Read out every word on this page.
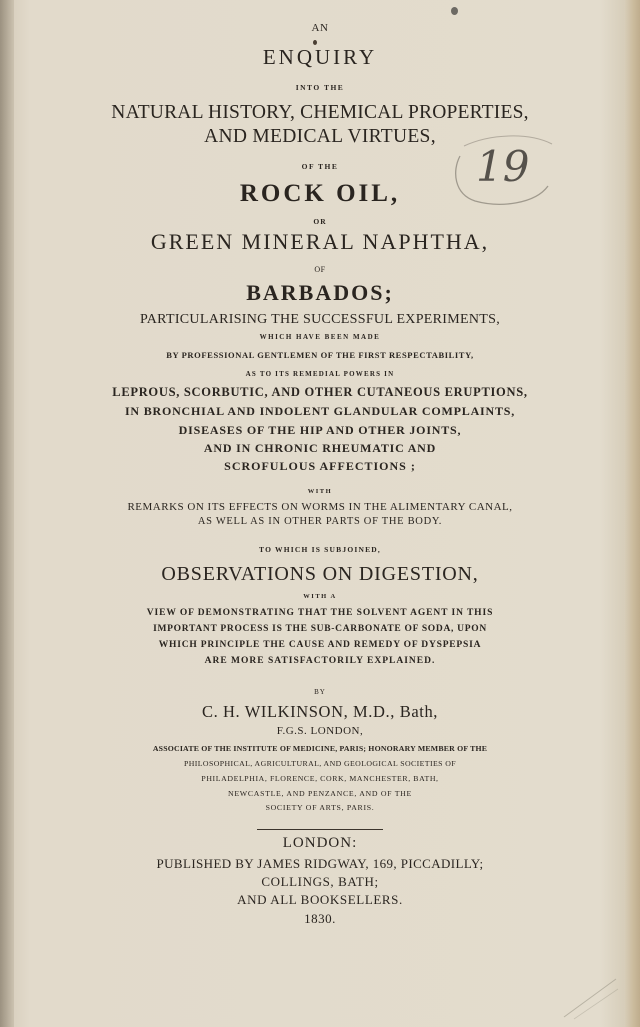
AN
ENQUIRY
INTO THE
NATURAL HISTORY, CHEMICAL PROPERTIES,
AND MEDICAL VIRTUES,
OF THE
ROCK OIL,
OR
GREEN MINERAL NAPHTHA,
OF
BARBADOS;
PARTICULARISING THE SUCCESSFUL EXPERIMENTS,
WHICH HAVE BEEN MADE
BY PROFESSIONAL GENTLEMEN OF THE FIRST RESPECTABILITY,
AS TO ITS REMEDIAL POWERS IN
LEPROUS, SCORBUTIC, AND OTHER CUTANEOUS ERUPTIONS,
IN BRONCHIAL AND INDOLENT GLANDULAR COMPLAINTS,
DISEASES OF THE HIP AND OTHER JOINTS,
AND IN CHRONIC RHEUMATIC AND
SCROFULOUS AFFECTIONS ;
WITH
REMARKS ON ITS EFFECTS ON WORMS IN THE ALIMENTARY CANAL,
AS WELL AS IN OTHER PARTS OF THE BODY.
TO WHICH IS SUBJOINED,
OBSERVATIONS ON DIGESTION,
WITH A
VIEW OF DEMONSTRATING THAT THE SOLVENT AGENT IN THIS
IMPORTANT PROCESS IS THE SUB-CARBONATE OF SODA, UPON
WHICH PRINCIPLE THE CAUSE AND REMEDY OF DYSPEPSIA
ARE MORE SATISFACTORILY EXPLAINED.
BY
C. H. WILKINSON, M.D., Bath,
F.G.S. LONDON,
ASSOCIATE OF THE INSTITUTE OF MEDICINE, PARIS; HONORARY MEMBER OF THE
PHILOSOPHICAL, AGRICULTURAL, AND GEOLOGICAL SOCIETIES OF
PHILADELPHIA, FLORENCE, CORK, MANCHESTER, BATH,
NEWCASTLE, AND PENZANCE, AND OF THE
SOCIETY OF ARTS, PARIS.
LONDON:
PUBLISHED BY JAMES RIDGWAY, 169, PICCADILLY;
COLLINGS, BATH;
AND ALL BOOKSELLERS.
1830.
19
